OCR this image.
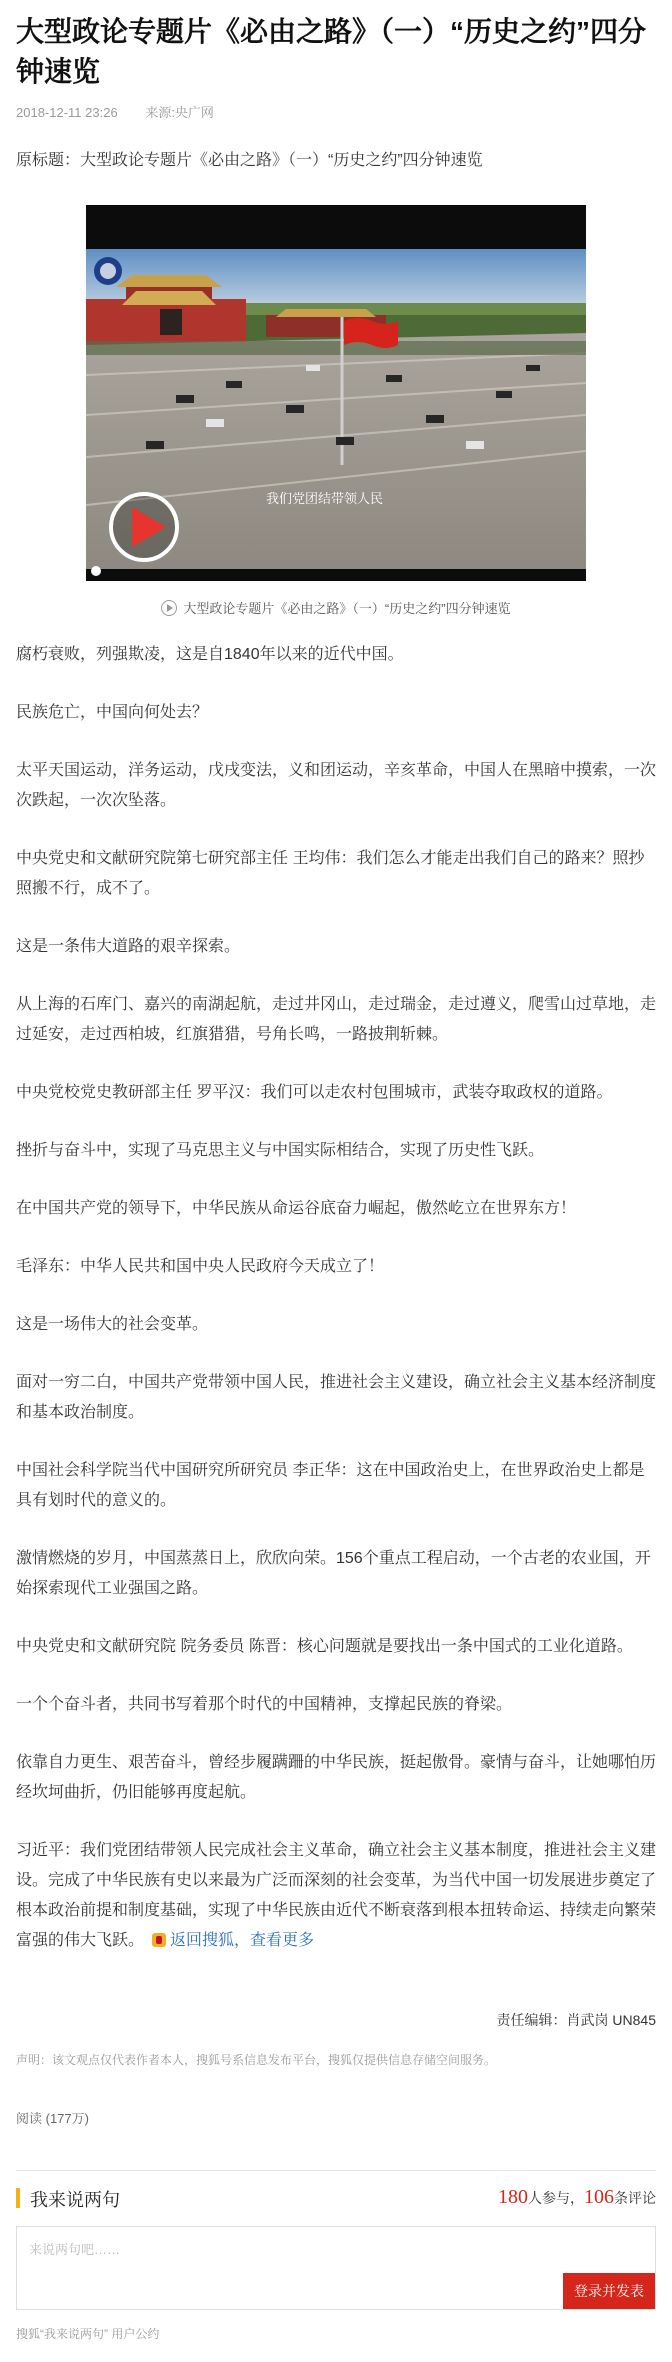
大型政论专题片《必由之路》（一）“历史之约”四分钟速览
2018-12-11 23:26 来源:央广网
原标题：大型政论专题片《必由之路》（一）“历史之约”四分钟速览
我们党团结带领人民
大型政论专题片《必由之路》（一）“历史之约”四分钟速览

腐朽衰败，列强欺凌，这是自1840年以来的近代中国。

民族危亡，中国向何处去？

太平天国运动，洋务运动，戊戌变法，义和团运动，辛亥革命，中国人在黑暗中摸索，一次次跌起，一次次坠落。

中央党史和文献研究院第七研究部主任 王均伟：我们怎么才能走出我们自己的路来？照抄照搬不行，成不了。

这是一条伟大道路的艰辛探索。

从上海的石库门、嘉兴的南湖起航，走过井冈山，走过瑞金，走过遵义，爬雪山过草地，走过延安，走过西柏坡，红旗猎猎，号角长鸣，一路披荆斩棘。

中央党校党史教研部主任 罗平汉：我们可以走农村包围城市，武装夺取政权的道路。

挫折与奋斗中，实现了马克思主义与中国实际相结合，实现了历史性飞跃。

在中国共产党的领导下，中华民族从命运谷底奋力崛起，傲然屹立在世界东方！

毛泽东：中华人民共和国中央人民政府今天成立了！

这是一场伟大的社会变革。

面对一穷二白，中国共产党带领中国人民，推进社会主义建设，确立社会主义基本经济制度和基本政治制度。

中国社会科学院当代中国研究所研究员 李正华：这在中国政治史上，在世界政治史上都是具有划时代的意义的。

激情燃烧的岁月，中国蒸蒸日上，欣欣向荣。156个重点工程启动，一个古老的农业国，开始探索现代工业强国之路。

中央党史和文献研究院 院务委员 陈晋：核心问题就是要找出一条中国式的工业化道路。

一个个奋斗者，共同书写着那个时代的中国精神，支撑起民族的脊梁。

依靠自力更生、艰苦奋斗，曾经步履蹒跚的中华民族，挺起傲骨。豪情与奋斗，让她哪怕历经坎坷曲折，仍旧能够再度起航。

习近平：我们党团结带领人民完成社会主义革命，确立社会主义基本制度，推进社会主义建设。完成了中华民族有史以来最为广泛而深刻的社会变革，为当代中国一切发展进步奠定了根本政治前提和制度基础，实现了中华民族由近代不断衰落到根本扭转命运、持续走向繁荣富强的伟大飞跃。 返回搜狐，查看更多

责任编辑：肖武岗 UN845
声明：该文观点仅代表作者本人，搜狐号系信息发布平台，搜狐仅提供信息存储空间服务。
阅读 (177万)
我来说两句	180人参与，106条评论
来说两句吧……
登录并发表
搜狐“我来说两句” 用户公约
